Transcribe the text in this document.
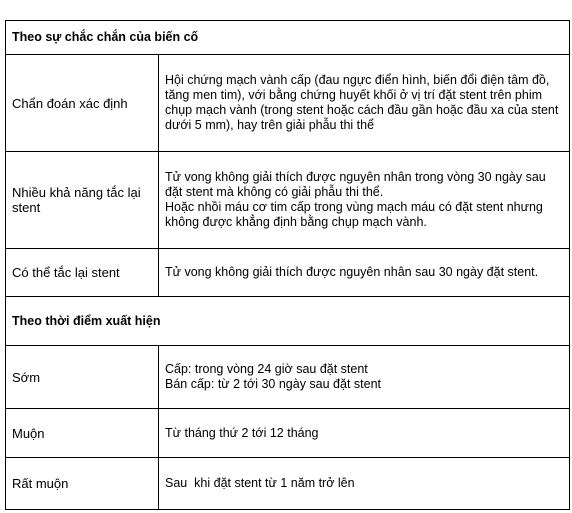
Theo sự chắc chắn của biến cố	
Chẩn đoán xác định	Hội chứng mạch vành cấp (đau ngực điển hình, biến đổi điện tâm đồ, tăng men tim), với bằng chứng huyết khối ở vị trí đặt stent trên phim chụp mạch vành (trong stent hoặc cách đầu gần hoặc đầu xa của stent dưới 5 mm), hay trên giải phẫu thi thể

Nhiều khả năng tắc lại stent	Tử vong không giải thích được nguyên nhân trong vòng 30 ngày sau đặt stent mà không có giải phẫu thi thể.
Hoặc nhồi máu cơ tim cấp trong vùng mạch máu có đặt stent nhưng không được khẳng định bằng chụp mạch vành.

Có thể tắc lại stent	Tử vong không giải thích được nguyên nhân sau 30 ngày đặt stent.

Theo thời điểm xuất hiện	
Sớm	Cấp: trong vòng 24 giờ sau đặt stent
Bán cấp: từ 2 tới 30 ngày sau đặt stent

Muộn	Từ tháng thứ 2 tới 12 tháng

Rất muộn	Sau  khi đặt stent từ 1 năm trở lên
